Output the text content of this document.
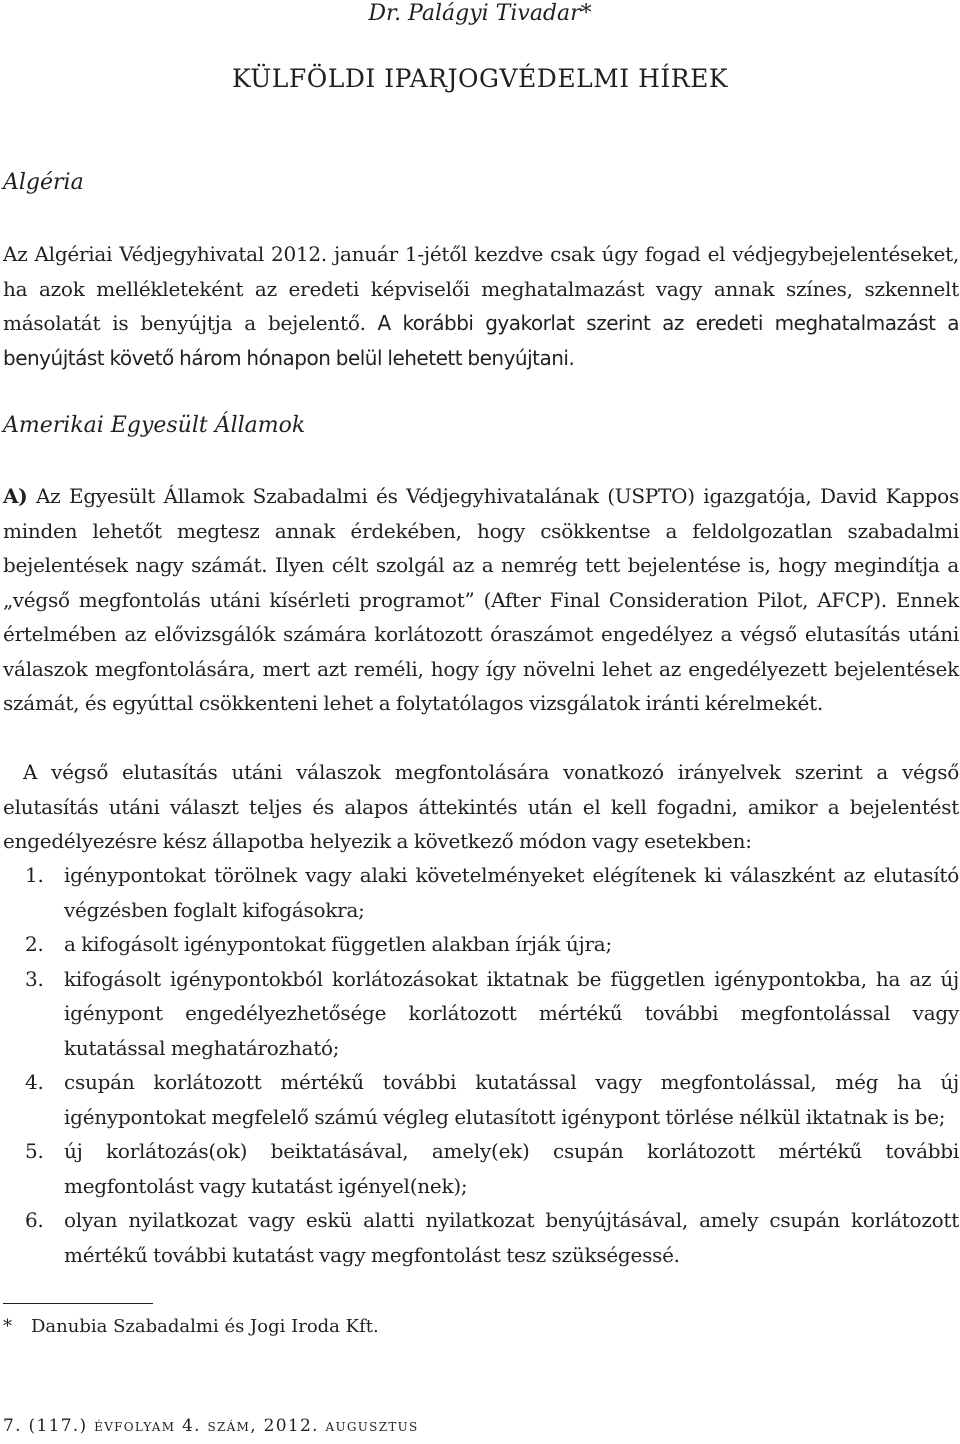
Dr. Palágyi Tivadar*

KÜLFÖLDI IPARJOGVÉDELMI HÍREK
Algéria

Az Algériai Védjegyhivatal 2012. január 1-jétől kezdve csak úgy fogad el védjegybejelentéseket, ha azok mellékleteként az eredeti képviselői meghatalmazást vagy annak színes, szkennelt másolatát is benyújtja a bejelentő. A korábbi gyakorlat szerint az eredeti meghatalmazást a benyújtást követő három hónapon belül lehetett benyújtani.

Amerikai Egyesült Államok

A) Az Egyesült Államok Szabadalmi és Védjegyhivatalának (USPTO) igazgatója, David Kappos minden lehetőt megtesz annak érdekében, hogy csökkentse a feldolgozatlan szabadalmi bejelentések nagy számát. Ilyen célt szolgál az a nemrég tett bejelentése is, hogy megindítja a „végső megfontolás utáni kísérleti programot” (After Final Consideration Pilot, AFCP). Ennek értelmében az elővizsgálók számára korlátozott óraszámot engedélyez a végső elutasítás utáni válaszok megfontolására, mert azt reméli, hogy így növelni lehet az engedélyezett bejelentések számát, és egyúttal csökkenteni lehet a folytatólagos vizsgálatok iránti kérelmekét.

A végső elutasítás utáni válaszok megfontolására vonatkozó irányelvek szerint a végső elutasítás utáni választ teljes és alapos áttekintés után el kell fogadni, amikor a bejelentést engedélyezésre kész állapotba helyezik a következő módon vagy esetekben:

1. igénypontokat törölnek vagy alaki követelményeket elégítenek ki válaszként az elutasító végzésben foglalt kifogásokra;
2. a kifogásolt igénypontokat független alakban írják újra;
3. kifogásolt igénypontokból korlátozásokat iktatnak be független igénypontokba, ha az új igénypont engedélyezhetősége korlátozott mértékű további megfontolással vagy kutatással meghatározható;
4. csupán korlátozott mértékű további kutatással vagy megfontolással, még ha új igénypontokat megfelelő számú végleg elutasított igénypont törlése nélkül iktatnak is be;
5. új korlátozás(ok) beiktatásával, amely(ek) csupán korlátozott mértékű további megfontolást vagy kutatást igényel(nek);
6. olyan nyilatkozat vagy eskü alatti nyilatkozat benyújtásával, amely csupán korlátozott mértékű további kutatást vagy megfontolást tesz szükségessé.

* Danubia Szabadalmi és Jogi Iroda Kft.

7. (117.) évfolyam 4. szám, 2012. augusztus
